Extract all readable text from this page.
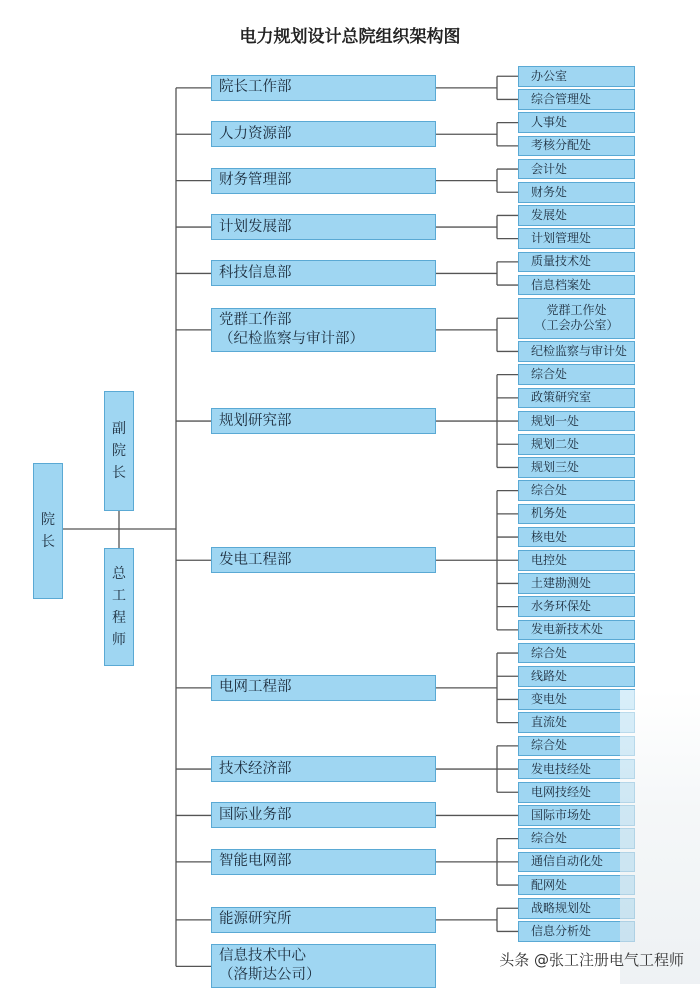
电力规划设计总院组织架构图
院长
副院长
总工程师
院长工作部
办公室
综合管理处
人力资源部
人事处
考核分配处
财务管理部
会计处
财务处
计划发展部
发展处
计划管理处
科技信息部
质量技术处
信息档案处
党群工作部
（纪检监察与审计部）
党群工作处
（工会办公室）
纪检监察与审计处
规划研究部
综合处
政策研究室
规划一处
规划二处
规划三处
发电工程部
综合处
机务处
核电处
电控处
土建勘测处
水务环保处
发电新技术处
电网工程部
综合处
线路处
变电处
直流处
技术经济部
综合处
发电技经处
电网技经处
国际业务部	国际市场处
智能电网部
综合处
通信自动化处
配网处
能源研究所
战略规划处
信息分析处
信息技术中心
（洛斯达公司）
头条 @张工注册电气工程师
